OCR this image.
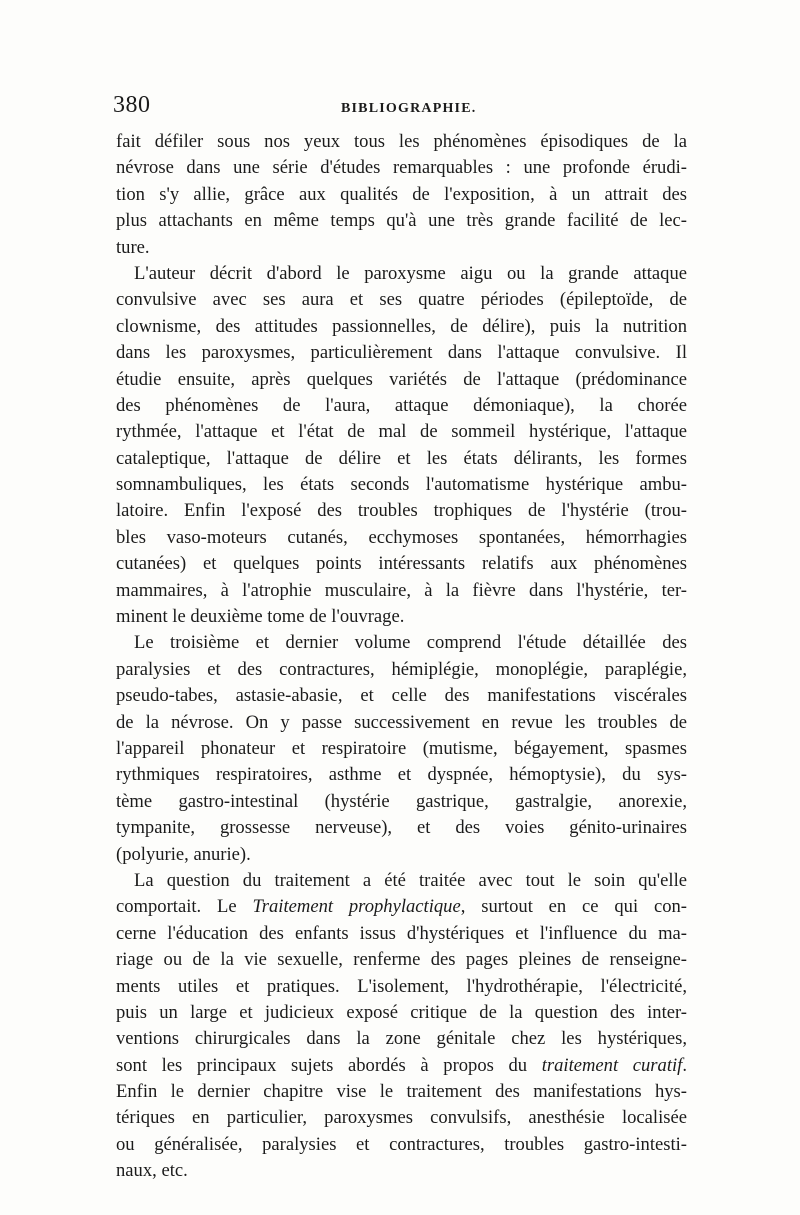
380	BIBLIOGRAPHIE.
fait défiler sous nos yeux tous les phénomènes épisodiques de la
névrose dans une série d'études remarquables : une profonde érudi-
tion s'y allie, grâce aux qualités de l'exposition, à un attrait des
plus attachants en même temps qu'à une très grande facilité de lec-
ture.
L'auteur décrit d'abord le paroxysme aigu ou la grande attaque
convulsive avec ses aura et ses quatre périodes (épileptoïde, de
clownisme, des attitudes passionnelles, de délire), puis la nutrition
dans les paroxysmes, particulièrement dans l'attaque convulsive. Il
étudie ensuite, après quelques variétés de l'attaque (prédominance
des phénomènes de l'aura, attaque démoniaque), la chorée
rythmée, l'attaque et l'état de mal de sommeil hystérique, l'attaque
cataleptique, l'attaque de délire et les états délirants, les formes
somnambuliques, les états seconds l'automatisme hystérique ambu-
latoire. Enfin l'exposé des troubles trophiques de l'hystérie (trou-
bles vaso-moteurs cutanés, ecchymoses spontanées, hémorrhagies
cutanées) et quelques points intéressants relatifs aux phénomènes
mammaires, à l'atrophie musculaire, à la fièvre dans l'hystérie, ter-
minent le deuxième tome de l'ouvrage.
Le troisième et dernier volume comprend l'étude détaillée des
paralysies et des contractures, hémiplégie, monoplégie, paraplégie,
pseudo-tabes, astasie-abasie, et celle des manifestations viscérales
de la névrose. On y passe successivement en revue les troubles de
l'appareil phonateur et respiratoire (mutisme, bégayement, spasmes
rythmiques respiratoires, asthme et dyspnée, hémoptysie), du sys-
tème gastro-intestinal (hystérie gastrique, gastralgie, anorexie,
tympanite, grossesse nerveuse), et des voies génito-urinaires
(polyurie, anurie).
La question du traitement a été traitée avec tout le soin qu'elle
comportait. Le Traitement prophylactique, surtout en ce qui con-
cerne l'éducation des enfants issus d'hystériques et l'influence du ma-
riage ou de la vie sexuelle, renferme des pages pleines de renseigne-
ments utiles et pratiques. L'isolement, l'hydrothérapie, l'électricité,
puis un large et judicieux exposé critique de la question des inter-
ventions chirurgicales dans la zone génitale chez les hystériques,
sont les principaux sujets abordés à propos du traitement curatif.
Enfin le dernier chapitre vise le traitement des manifestations hys-
tériques en particulier, paroxysmes convulsifs, anesthésie localisée
ou généralisée, paralysies et contractures, troubles gastro-intesti-
naux, etc.
